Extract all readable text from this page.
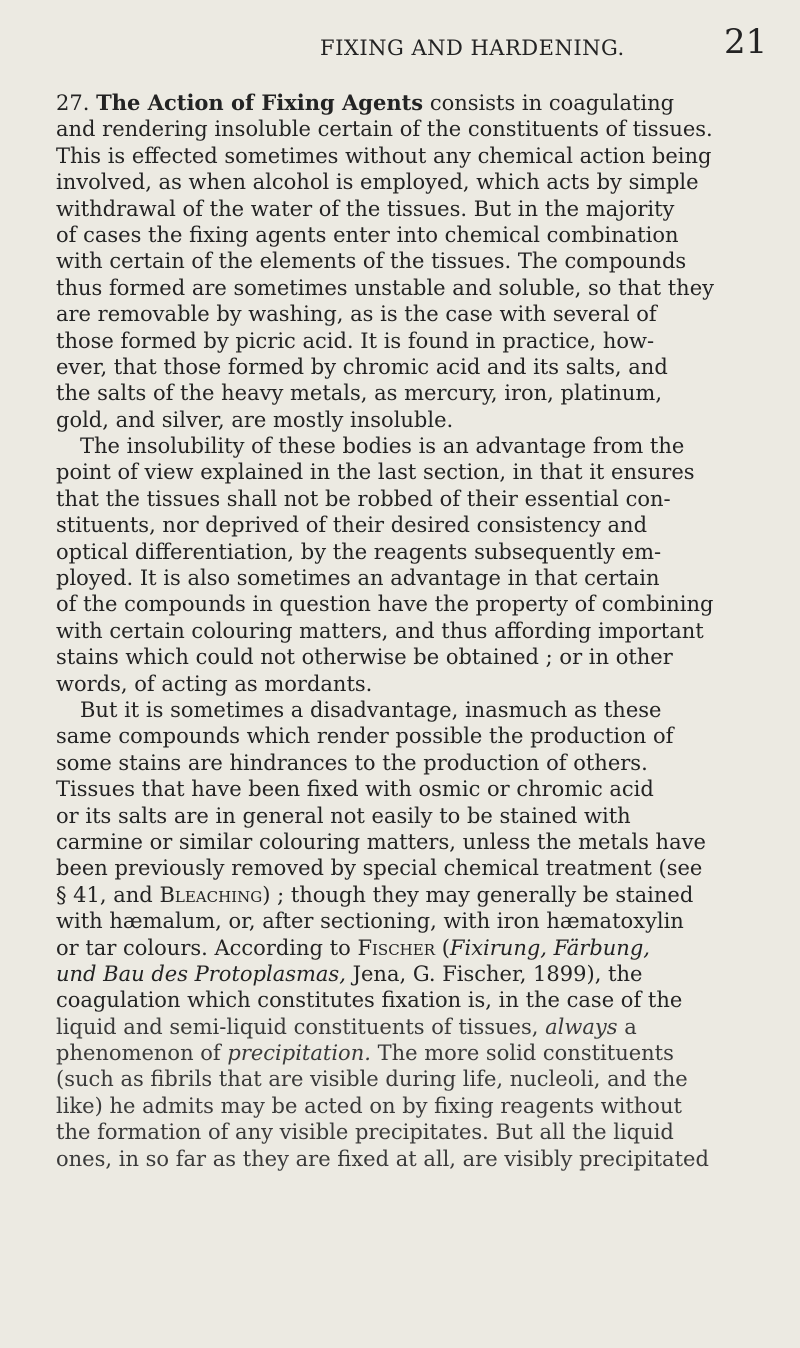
FIXING AND HARDENING.	21
27. The Action of Fixing Agents consists in coagulating
and rendering insoluble certain of the constituents of tissues.
This is effected sometimes without any chemical action being
involved, as when alcohol is employed, which acts by simple
withdrawal of the water of the tissues. But in the majority
of cases the fixing agents enter into chemical combination
with certain of the elements of the tissues. The compounds
thus formed are sometimes unstable and soluble, so that they
are removable by washing, as is the case with several of
those formed by picric acid. It is found in practice, how-
ever, that those formed by chromic acid and its salts, and
the salts of the heavy metals, as mercury, iron, platinum,
gold, and silver, are mostly insoluble.
The insolubility of these bodies is an advantage from the
point of view explained in the last section, in that it ensures
that the tissues shall not be robbed of their essential con-
stituents, nor deprived of their desired consistency and
optical differentiation, by the reagents subsequently em-
ployed. It is also sometimes an advantage in that certain
of the compounds in question have the property of combining
with certain colouring matters, and thus affording important
stains which could not otherwise be obtained ; or in other
words, of acting as mordants.
But it is sometimes a disadvantage, inasmuch as these
same compounds which render possible the production of
some stains are hindrances to the production of others.
Tissues that have been fixed with osmic or chromic acid
or its salts are in general not easily to be stained with
carmine or similar colouring matters, unless the metals have
been previously removed by special chemical treatment (see
§ 41, and Bleaching) ; though they may generally be stained
with hæmalum, or, after sectioning, with iron hæmatoxylin
or tar colours. According to Fischer (Fixirung, Färbung,
und Bau des Protoplasmas, Jena, G. Fischer, 1899), the
coagulation which constitutes fixation is, in the case of the
liquid and semi-liquid constituents of tissues, always a
phenomenon of precipitation. The more solid constituents
(such as fibrils that are visible during life, nucleoli, and the
like) he admits may be acted on by fixing reagents without
the formation of any visible precipitates. But all the liquid
ones, in so far as they are fixed at all, are visibly precipitated
